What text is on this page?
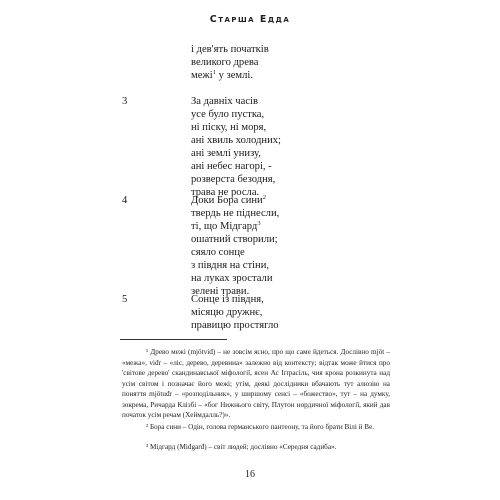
Старша Едда
і дев'ять початків
великого древа
межі$^1$ у землі.
3	За давніх часів
усе було пустка,
ні піску, ні моря,
ані хвиль холодних;
ані землі унизу,
ані небес нагорі, -
розверста безодня,
трава не росла.
4	Доки Бора сини$^2$
твердь не піднесли,
ті, що Мідгард$^3$
ошатний створили;
сяяло сонце
з півдня на стіни,
на луках зростали
зелені трави.
5	Сонце із півдня,
місяцю дружнє,
правицю простягло
¹ Древо межі (mjötviđ) – не зовсім ясно, про що саме йдеться. Дослівно mjöt – «межа», viđr – «ліс, дерево, деревина» залежно від контексту; відтак може йтися про 'світове дерево' скандинавської міфології, ясен Ас Іґґрасіль, чия крона розкинута над усім світом і позначає його межі; утім, деякі дослідники вбачають тут алюзію на поняття mjötuđr – «розподільник», у ширшому сенсі – «божество», тут – на думку, зокрема, Ричарда Клізбі – «бог Нижнього світу, Плутон нордичної міфології, який дав початок усім речам (Хеймдалль?)».
² Бора сини – Одін, голова германського пантеону, та його брати Вілі й Ве.
³ Мідгард (Miđgarđ) – світ людей; дослівно «Середня садиба».
16
